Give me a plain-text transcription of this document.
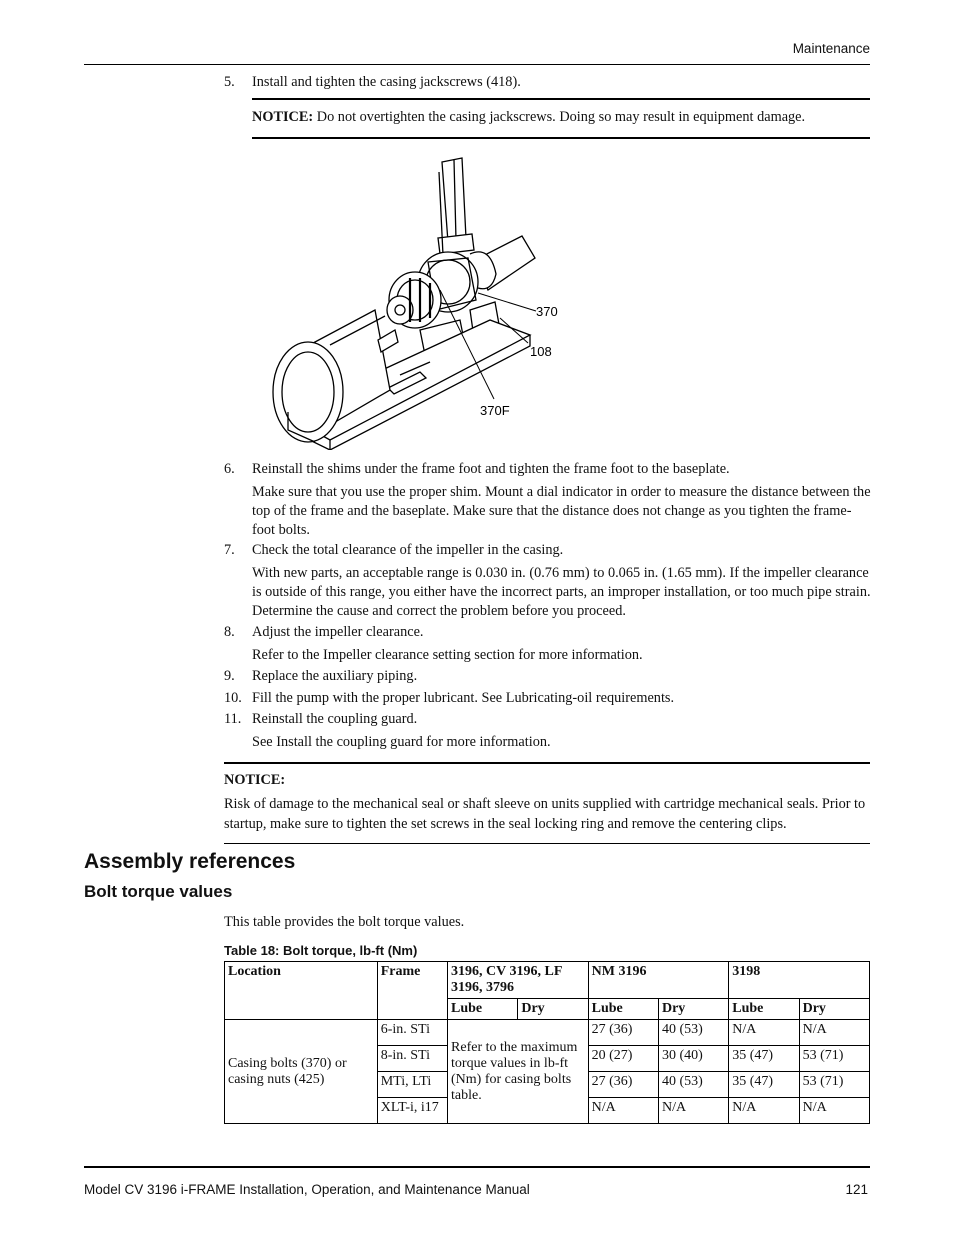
Maintenance
5.	Install and tighten the casing jackscrews (418).
NOTICE: Do not overtighten the casing jackscrews. Doing so may result in equipment damage.
370
108
370F
6.	Reinstall the shims under the frame foot and tighten the frame foot to the baseplate.
Make sure that you use the proper shim. Mount a dial indicator in order to measure the distance between the top of the frame and the baseplate. Make sure that the distance does not change as you tighten the frame-foot bolts.
7.	Check the total clearance of the impeller in the casing.
With new parts, an acceptable range is 0.030 in. (0.76 mm) to 0.065 in. (1.65 mm). If the impeller clearance is outside of this range, you either have the incorrect parts, an improper installation, or too much pipe strain. Determine the cause and correct the problem before you proceed.
8.	Adjust the impeller clearance.
Refer to the Impeller clearance setting section for more information.
9.	Replace the auxiliary piping.
10. Fill the pump with the proper lubricant. See Lubricating-oil requirements.
11. Reinstall the coupling guard.
See Install the coupling guard for more information.
NOTICE:
Risk of damage to the mechanical seal or shaft sleeve on units supplied with cartridge mechanical seals. Prior to startup, make sure to tighten the set screws in the seal locking ring and remove the centering clips.
Assembly references
Bolt torque values
This table provides the bolt torque values.
Table 18: Bolt torque, lb-ft (Nm)
Location	Frame	3196, CV 3196, LF 3196, 3796		NM 3196		3198	
		Lube	Dry	Lube	Dry	Lube	Dry
Casing bolts (370) or casing nuts (425)	6-in. STi	Refer to the maximum torque values in lb-ft (Nm) for casing bolts table.		27 (36)	40 (53)	N/A	N/A
	8-in. STi			20 (27)	30 (40)	35 (47)	53 (71)
	MTi, LTi			27 (36)	40 (53)	35 (47)	53 (71)
	XLT-i, i17			N/A	N/A	N/A	N/A
Model CV 3196 i-FRAME Installation, Operation, and Maintenance Manual	121
